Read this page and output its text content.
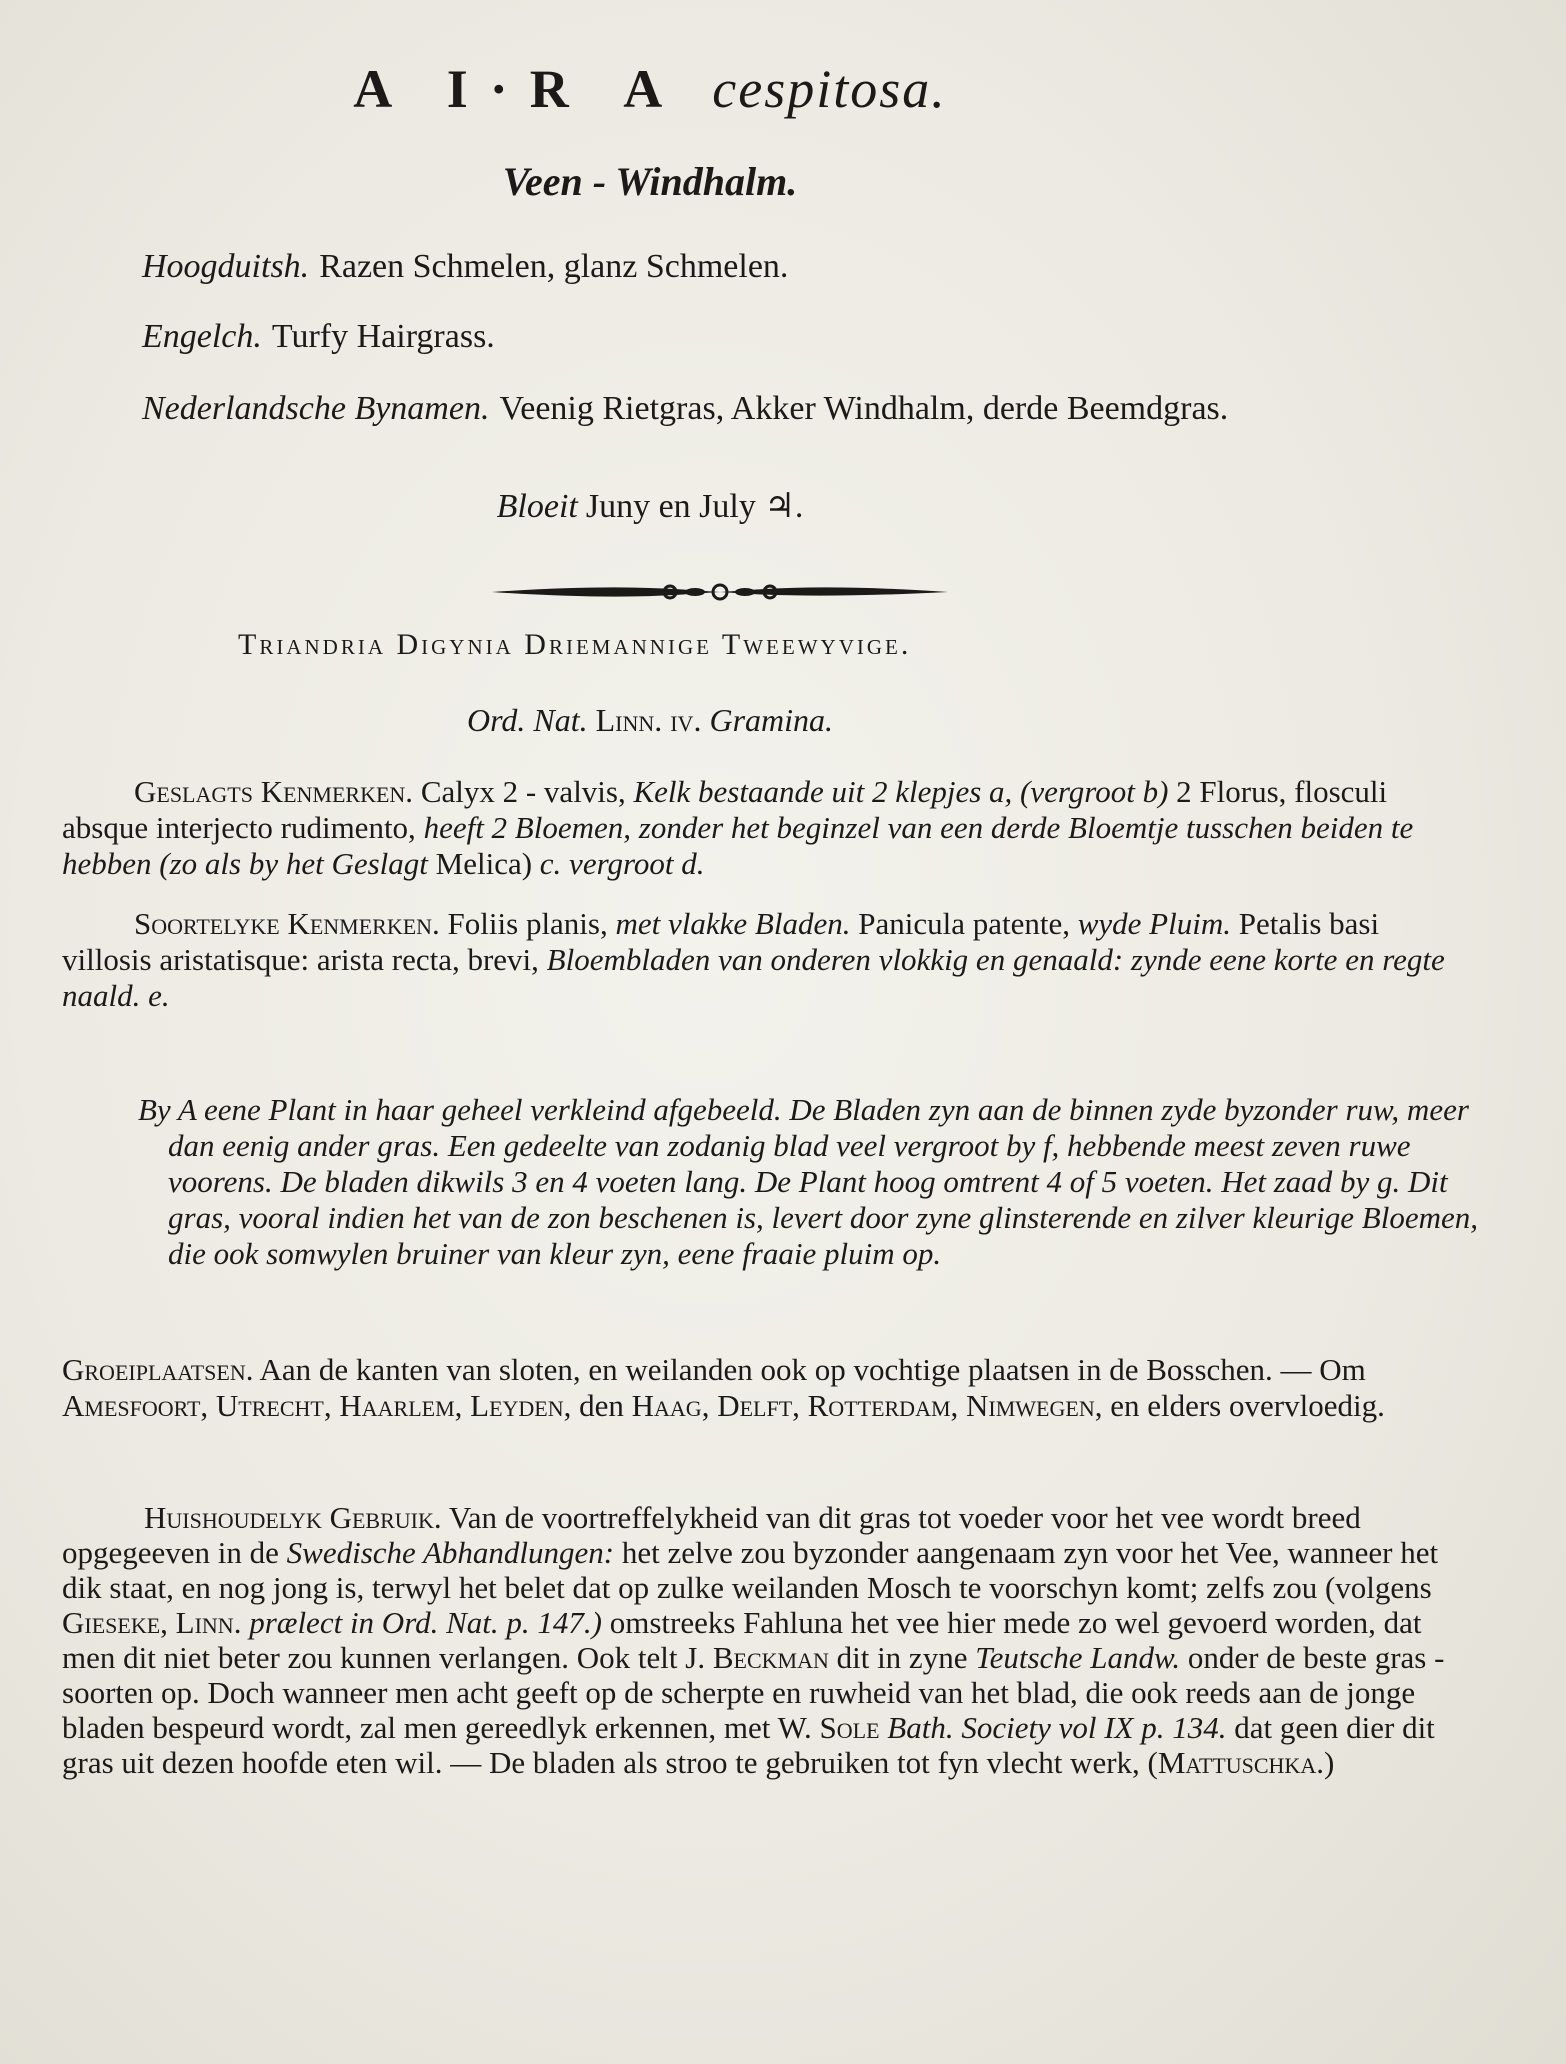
A I·R A cespitosa.
Veen - Windhalm.
Hoogduitsh. Razen Schmelen, glanz Schmelen.
Engelch. Turfy Hairgrass.
Nederlandsche Bynamen. Veenig Rietgras, Akker Windhalm, derde Beemdgras.
Bloeit Juny en July ♃.
Triandria Digynia Driemannige Tweewyvige.
Ord. Nat. Linn. iv. Gramina.

Geslagts Kenmerken. Calyx 2 - valvis, Kelk bestaande uit 2 klepjes a, (vergroot b) 2 Florus, flosculi absque interjecto rudimento, heeft 2 Bloemen, zonder het beginzel van een derde Bloemtje tusschen beiden te hebben (zo als by het Geslagt Melica) c. vergroot d.

Soortelyke Kenmerken. Foliis planis, met vlakke Bladen. Panicula patente, wyde Pluim. Petalis basi villosis aristatisque: arista recta, brevi, Bloembladen van onderen vlokkig en genaald: zynde eene korte en regte naald. e.

By A eene Plant in haar geheel verkleind afgebeeld. De Bladen zyn aan de binnen zyde byzonder ruw, meer dan eenig ander gras. Een gedeelte van zodanig blad veel vergroot by f, hebbende meest zeven ruwe voorens. De bladen dikwils 3 en 4 voeten lang. De Plant hoog omtrent 4 of 5 voeten. Het zaad by g. Dit gras, vooral indien het van de zon beschenen is, levert door zyne glinsterende en zilver kleurige Bloemen, die ook somwylen bruiner van kleur zyn, eene fraaie pluim op.

Groeiplaatsen. Aan de kanten van sloten, en weilanden ook op vochtige plaatsen in de Bosschen. — Om Amesfoort, Utrecht, Haarlem, Leyden, den Haag, Delft, Rotterdam, Nimwegen, en elders overvloedig.

Huishoudelyk Gebruik. Van de voortreffelykheid van dit gras tot voeder voor het vee wordt breed opgegeeven in de Swedische Abhandlungen: het zelve zou byzonder aangenaam zyn voor het Vee, wanneer het dik staat, en nog jong is, terwyl het belet dat op zulke weilanden Mosch te voorschyn komt; zelfs zou (volgens Gieseke, Linn. prælect in Ord. Nat. p. 147.) omstreeks Fahluna het vee hier mede zo wel gevoerd worden, dat men dit niet beter zou kunnen verlangen. Ook telt J. Beckman dit in zyne Teutsche Landw. onder de beste gras - soorten op. Doch wanneer men acht geeft op de scherpte en ruwheid van het blad, die ook reeds aan de jonge bladen bespeurd wordt, zal men gereedlyk erkennen, met W. Sole Bath. Society vol IX p. 134. dat geen dier dit gras uit dezen hoofde eten wil. — De bladen als stroo te gebruiken tot fyn vlecht werk, (Mattuschka.)
